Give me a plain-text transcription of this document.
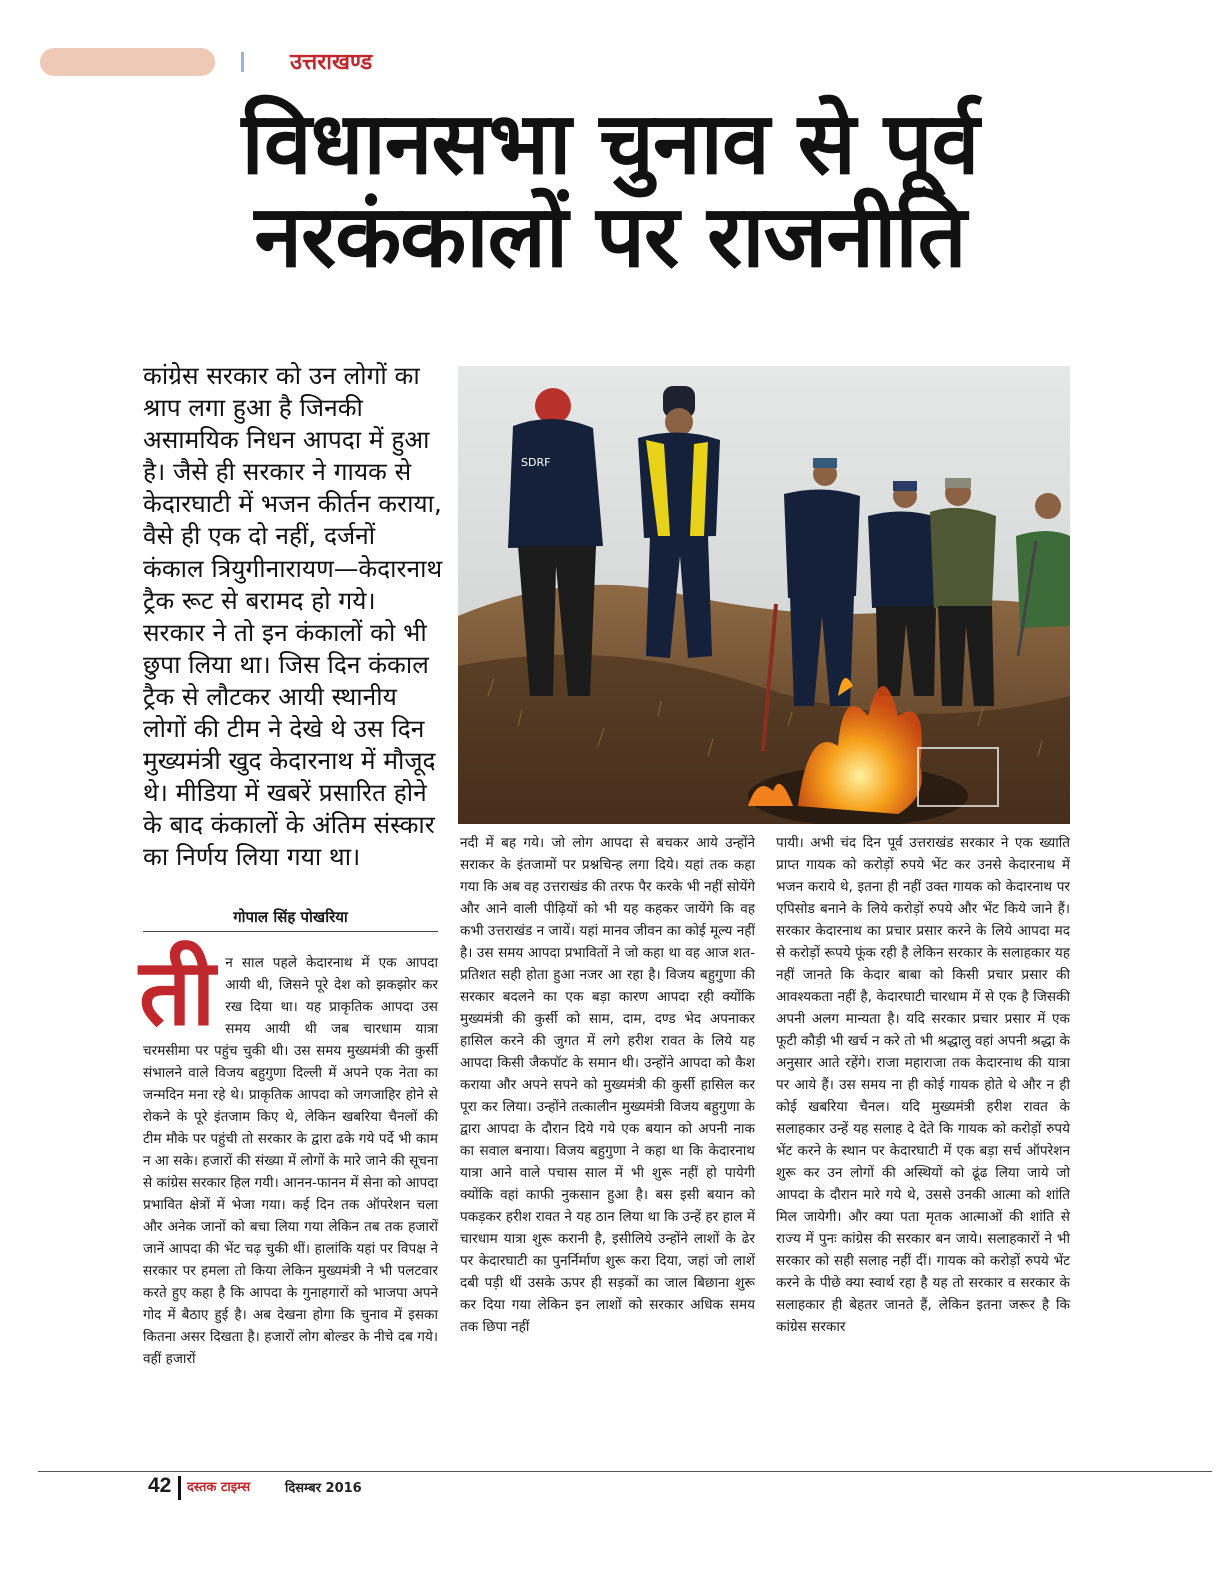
उत्तराखण्ड
विधानसभा चुनाव से पूर्व
नरकंकालों पर राजनीति
कांग्रेस सरकार को उन लोगों का श्राप लगा हुआ है जिनकी असामयिक निधन आपदा में हुआ है। जैसे ही सरकार ने गायक से केदारघाटी में भजन कीर्तन कराया, वैसे ही एक दो नहीं, दर्जनों कंकाल त्रियुगीनारायण—केदारनाथ ट्रैक रूट से बरामद हो गये। सरकार ने तो इन कंकालों को भी छुपा लिया था। जिस दिन कंकाल ट्रैक से लौटकर आयी स्थानीय लोगों की टीम ने देखे थे उस दिन मुख्यमंत्री खुद केदारनाथ में मौजूद थे। मीडिया में खबरें प्रसारित होने के बाद कंकालों के अंतिम संस्कार का निर्णय लिया गया था।
SDRF
गोपाल सिंह पोखरिया
ती न साल पहले केदारनाथ में एक आपदा आयी थी, जिसने पूरे देश को झकझोर कर रख दिया था। यह प्राकृतिक आपदा उस समय आयी थी जब चारधाम यात्रा चरमसीमा पर पहुंच चुकी थी। उस समय मुख्यमंत्री की कुर्सी संभालने वाले विजय बहुगुणा दिल्ली में अपने एक नेता का जन्मदिन मना रहे थे। प्राकृतिक आपदा को जगजाहिर होने से रोकने के पूरे इंतजाम किए थे, लेकिन खबरिया चैनलों की टीम मौके पर पहुंची तो सरकार के द्वारा ढके गये पर्दे भी काम न आ सके। हजारों की संख्या में लोगों के मारे जाने की सूचना से कांग्रेस सरकार हिल गयी। आनन-फानन में सेना को आपदा प्रभावित क्षेत्रों में भेजा गया। कई दिन तक ऑपरेशन चला और अनेक जानों को बचा लिया गया लेकिन तब तक हजारों जानें आपदा की भेंट चढ़ चुकी थीं। हालांकि यहां पर विपक्ष ने सरकार पर हमला तो किया लेकिन मुख्यमंत्री ने भी पलटवार करते हुए कहा है कि आपदा के गुनाहगारों को भाजपा अपने गोद में बैठाए हुई है। अब देखना होगा कि चुनाव में इसका कितना असर दिखता है। हजारों लोग बोल्डर के नीचे दब गये। वहीं हजारों
नदी में बह गये। जो लोग आपदा से बचकर आये उन्होंने सराकर के इंतजामों पर प्रश्नचिन्ह लगा दिये। यहां तक कहा गया कि अब वह उत्तराखंड की तरफ पैर करके भी नहीं सोयेंगे और आने वाली पीढ़ियों को भी यह कहकर जायेंगे कि वह कभी उत्तराखंड न जायें। यहां मानव जीवन का कोई मूल्य नहीं है। उस समय आपदा प्रभावितों ने जो कहा था वह आज शत-प्रतिशत सही होता हुआ नजर आ रहा है। विजय बहुगुणा की सरकार बदलने का एक बड़ा कारण आपदा रही क्योंकि मुख्यमंत्री की कुर्सी को साम, दाम, दण्ड भेद अपनाकर हासिल करने की जुगत में लगे हरीश रावत के लिये यह आपदा किसी जैकपॉट के समान थी। उन्होंने आपदा को कैश कराया और अपने सपने को मुख्यमंत्री की कुर्सी हासिल कर पूरा कर लिया। उन्होंने तत्कालीन मुख्यमंत्री विजय बहुगुणा के द्वारा आपदा के दौरान दिये गये एक बयान को अपनी नाक का सवाल बनाया। विजय बहुगुणा ने कहा था कि केदारनाथ यात्रा आने वाले पचास साल में भी शुरू नहीं हो पायेगी क्योंकि वहां काफी नुकसान हुआ है। बस इसी बयान को पकड़कर हरीश रावत ने यह ठान लिया था कि उन्हें हर हाल में चारधाम यात्रा शुरू करानी है, इसीलिये उन्होंने लाशों के ढेर पर केदारघाटी का पुनर्निर्माण शुरू करा दिया, जहां जो लाशें दबी पड़ी थीं उसके ऊपर ही सड़कों का जाल बिछाना शुरू कर दिया गया लेकिन इन लाशों को सरकार अधिक समय तक छिपा नहीं
पायी। अभी चंद दिन पूर्व उत्तराखंड सरकार ने एक ख्याति प्राप्त गायक को करोड़ों रुपये भेंट कर उनसे केदारनाथ में भजन कराये थे, इतना ही नहीं उक्त गायक को केदारनाथ पर एपिसोड बनाने के लिये करोड़ों रुपये और भेंट किये जाने हैं। सरकार केदारनाथ का प्रचार प्रसार करने के लिये आपदा मद से करोड़ों रूपये फूंक रही है लेकिन सरकार के सलाहकार यह नहीं जानते कि केदार बाबा को किसी प्रचार प्रसार की आवश्यकता नहीं है, केदारघाटी चारधाम में से एक है जिसकी अपनी अलग मान्यता है। यदि सरकार प्रचार प्रसार में एक फूटी कौड़ी भी खर्च न करे तो भी श्रद्धालु वहां अपनी श्रद्धा के अनुसार आते रहेंगे। राजा महाराजा तक केदारनाथ की यात्रा पर आये हैं। उस समय ना ही कोई गायक होते थे और न ही कोई खबरिया चैनल। यदि मुख्यमंत्री हरीश रावत के सलाहकार उन्हें यह सलाह दे देते कि गायक को करोड़ों रुपये भेंट करने के स्थान पर केदारघाटी में एक बड़ा सर्च ऑपरेशन शुरू कर उन लोगों की अस्थियों को ढूंढ लिया जाये जो आपदा के दौरान मारे गये थे, उससे उनकी आत्मा को शांति मिल जायेगी। और क्या पता मृतक आत्माओं की शांति से राज्य में पुनः कांग्रेस की सरकार बन जाये। सलाहकारों ने भी सरकार को सही सलाह नहीं दीं। गायक को करोड़ों रुपये भेंट करने के पीछे क्या स्वार्थ रहा है यह तो सरकार व सरकार के सलाहकार ही बेहतर जानते हैं, लेकिन इतना जरूर है कि कांग्रेस सरकार
42 दस्तक टाइम्स	दिसम्बर 2016
